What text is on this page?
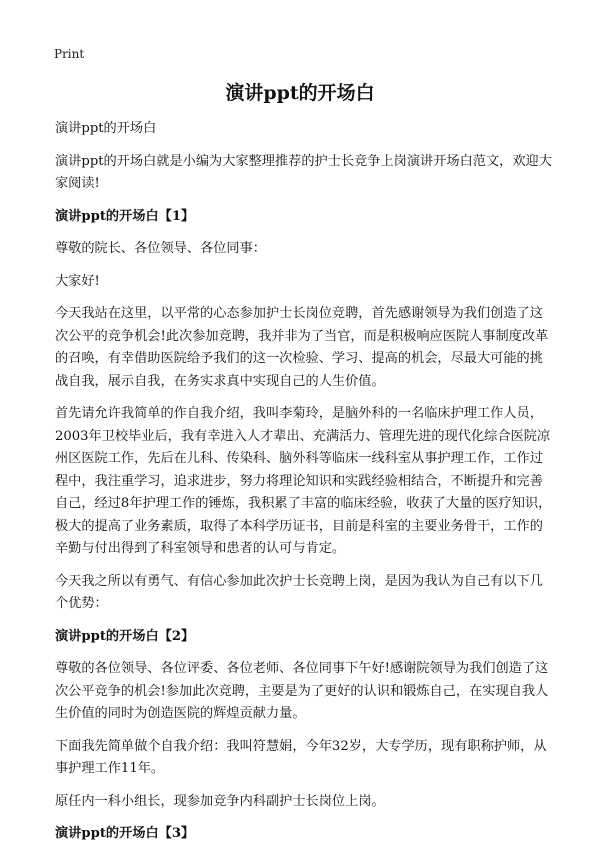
Print
演讲ppt的开场白

演讲ppt的开场白

演讲ppt的开场白就是小编为大家整理推荐的护士长竞争上岗演讲开场白范文，欢迎大家阅读!

演讲ppt的开场白【1】

尊敬的院长、各位领导、各位同事：

大家好!

今天我站在这里，以平常的心态参加护士长岗位竞聘，首先感谢领导为我们创造了这次公平的竞争机会!此次参加竞聘，我并非为了当官，而是积极响应医院人事制度改革的召唤，有幸借助医院给予我们的这一次检验、学习、提高的机会，尽最大可能的挑战自我，展示自我，在务实求真中实现自己的人生价值。

首先请允许我简单的作自我介绍，我叫李菊玲，是脑外科的一名临床护理工作人员，2003年卫校毕业后，我有幸进入人才辈出、充满活力、管理先进的现代化综合医院凉州区医院工作，先后在儿科、传染科、脑外科等临床一线科室从事护理工作，工作过程中，我注重学习，追求进步，努力将理论知识和实践经验相结合，不断提升和完善自己，经过8年护理工作的锤炼，我积累了丰富的临床经验，收获了大量的医疗知识，极大的提高了业务素质，取得了本科学历证书，目前是科室的主要业务骨干，工作的辛勤与付出得到了科室领导和患者的认可与肯定。

今天我之所以有勇气、有信心参加此次护士长竞聘上岗，是因为我认为自己有以下几个优势：

演讲ppt的开场白【2】

尊敬的各位领导、各位评委、各位老师、各位同事下午好!感谢院领导为我们创造了这次公平竞争的机会!参加此次竞聘，主要是为了更好的认识和锻炼自己，在实现自我人生价值的同时为创造医院的辉煌贡献力量。

下面我先简单做个自我介绍：我叫符慧娟，今年32岁，大专学历，现有职称护师，从事护理工作11年。

原任内一科小组长，现参加竞争内科副护士长岗位上岗。

演讲ppt的开场白【3】
